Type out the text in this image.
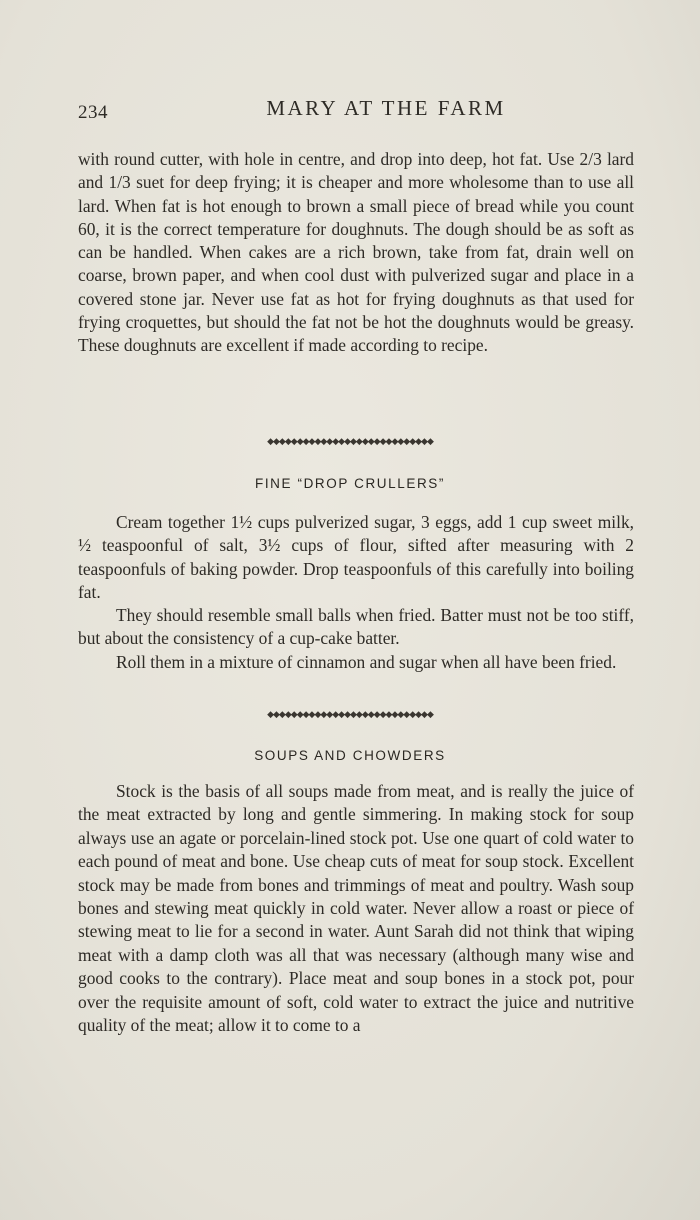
234	MARY AT THE FARM

with round cutter, with hole in centre, and drop into deep, hot fat. Use 2/3 lard and 1/3 suet for deep frying; it is cheaper and more wholesome than to use all lard. When fat is hot enough to brown a small piece of bread while you count 60, it is the correct temperature for doughnuts. The dough should be as soft as can be handled. When cakes are a rich brown, take from fat, drain well on coarse, brown paper, and when cool dust with pulverized sugar and place in a covered stone jar. Never use fat as hot for frying doughnuts as that used for frying croquettes, but should the fat not be hot the doughnuts would be greasy. These doughnuts are excellent if made according to recipe.

◆◆◆◆◆◆◆◆◆◆◆◆◆◆◆◆◆◆◆◆◆◆◆◆◆◆◆◆
FINE “DROP CRULLERS”

Cream together 1½ cups pulverized sugar, 3 eggs, add 1 cup sweet milk, ½ teaspoonful of salt, 3½ cups of flour, sifted after measuring with 2 teaspoonfuls of baking powder. Drop teaspoonfuls of this carefully into boiling fat.

They should resemble small balls when fried. Batter must not be too stiff, but about the consistency of a cup-cake batter.

Roll them in a mixture of cinnamon and sugar when all have been fried.

◆◆◆◆◆◆◆◆◆◆◆◆◆◆◆◆◆◆◆◆◆◆◆◆◆◆◆◆
SOUPS AND CHOWDERS

Stock is the basis of all soups made from meat, and is really the juice of the meat extracted by long and gentle simmering. In making stock for soup always use an agate or porcelain-lined stock pot. Use one quart of cold water to each pound of meat and bone. Use cheap cuts of meat for soup stock. Excellent stock may be made from bones and trimmings of meat and poultry. Wash soup bones and stewing meat quickly in cold water. Never allow a roast or piece of stewing meat to lie for a second in water. Aunt Sarah did not think that wiping meat with a damp cloth was all that was necessary (although many wise and good cooks to the contrary). Place meat and soup bones in a stock pot, pour over the requisite amount of soft, cold water to extract the juice and nutritive quality of the meat; allow it to come to a
